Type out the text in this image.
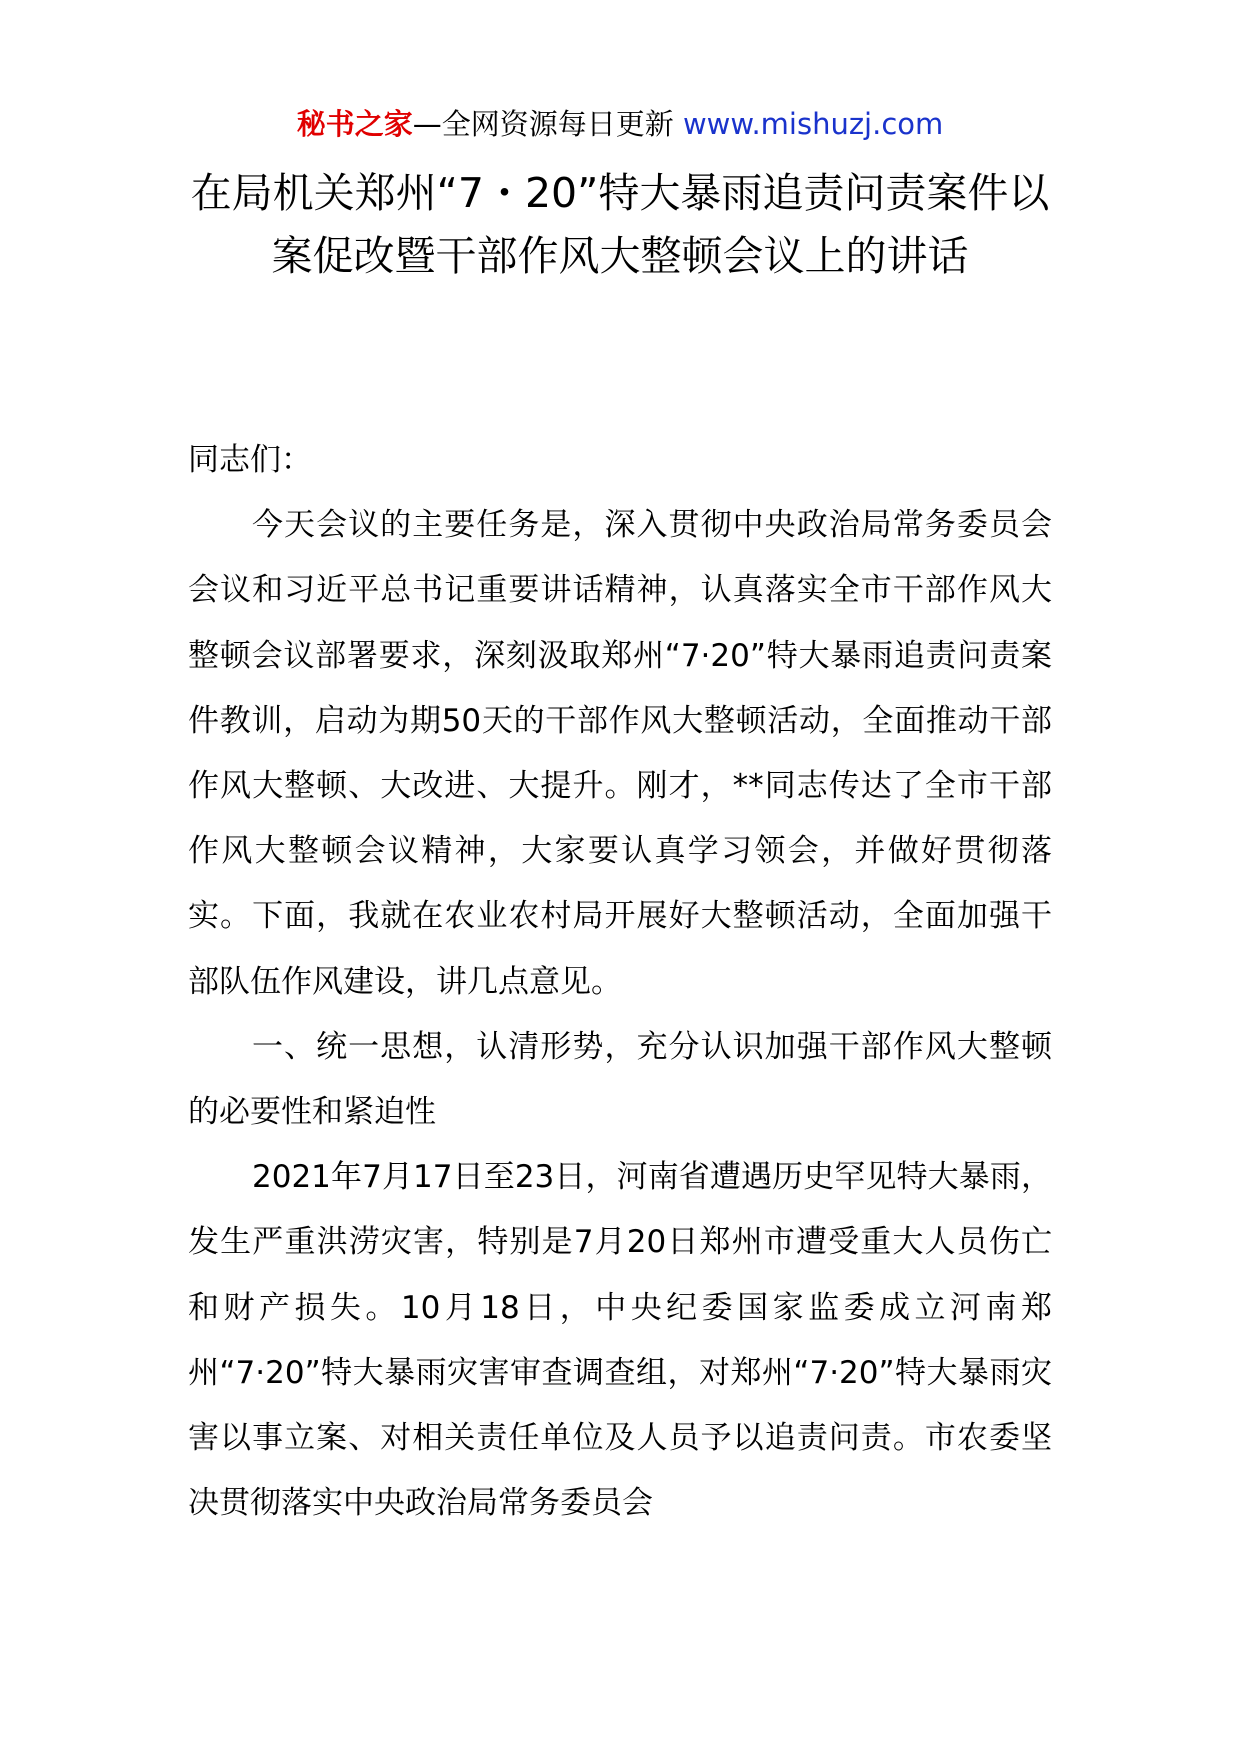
秘书之家—全网资源每日更新 www.mishuzj.com
在局机关郑州“7・20”特大暴雨追责问责案件以案促改暨干部作风大整顿会议上的讲话

同志们：

今天会议的主要任务是，深入贯彻中央政治局常务委员会会议和习近平总书记重要讲话精神，认真落实全市干部作风大整顿会议部署要求，深刻汲取郑州“7·20”特大暴雨追责问责案件教训，启动为期50天的干部作风大整顿活动，全面推动干部作风大整顿、大改进、大提升。刚才，**同志传达了全市干部作风大整顿会议精神，大家要认真学习领会，并做好贯彻落实。下面，我就在农业农村局开展好大整顿活动，全面加强干部队伍作风建设，讲几点意见。

一、统一思想，认清形势，充分认识加强干部作风大整顿的必要性和紧迫性

2021年7月17日至23日，河南省遭遇历史罕见特大暴雨，发生严重洪涝灾害，特别是7月20日郑州市遭受重大人员伤亡和财产损失。10月18日，中央纪委国家监委成立河南郑州“7·20”特大暴雨灾害审查调查组，对郑州“7·20”特大暴雨灾害以事立案、对相关责任单位及人员予以追责问责。市农委坚决贯彻落实中央政治局常务委员会
